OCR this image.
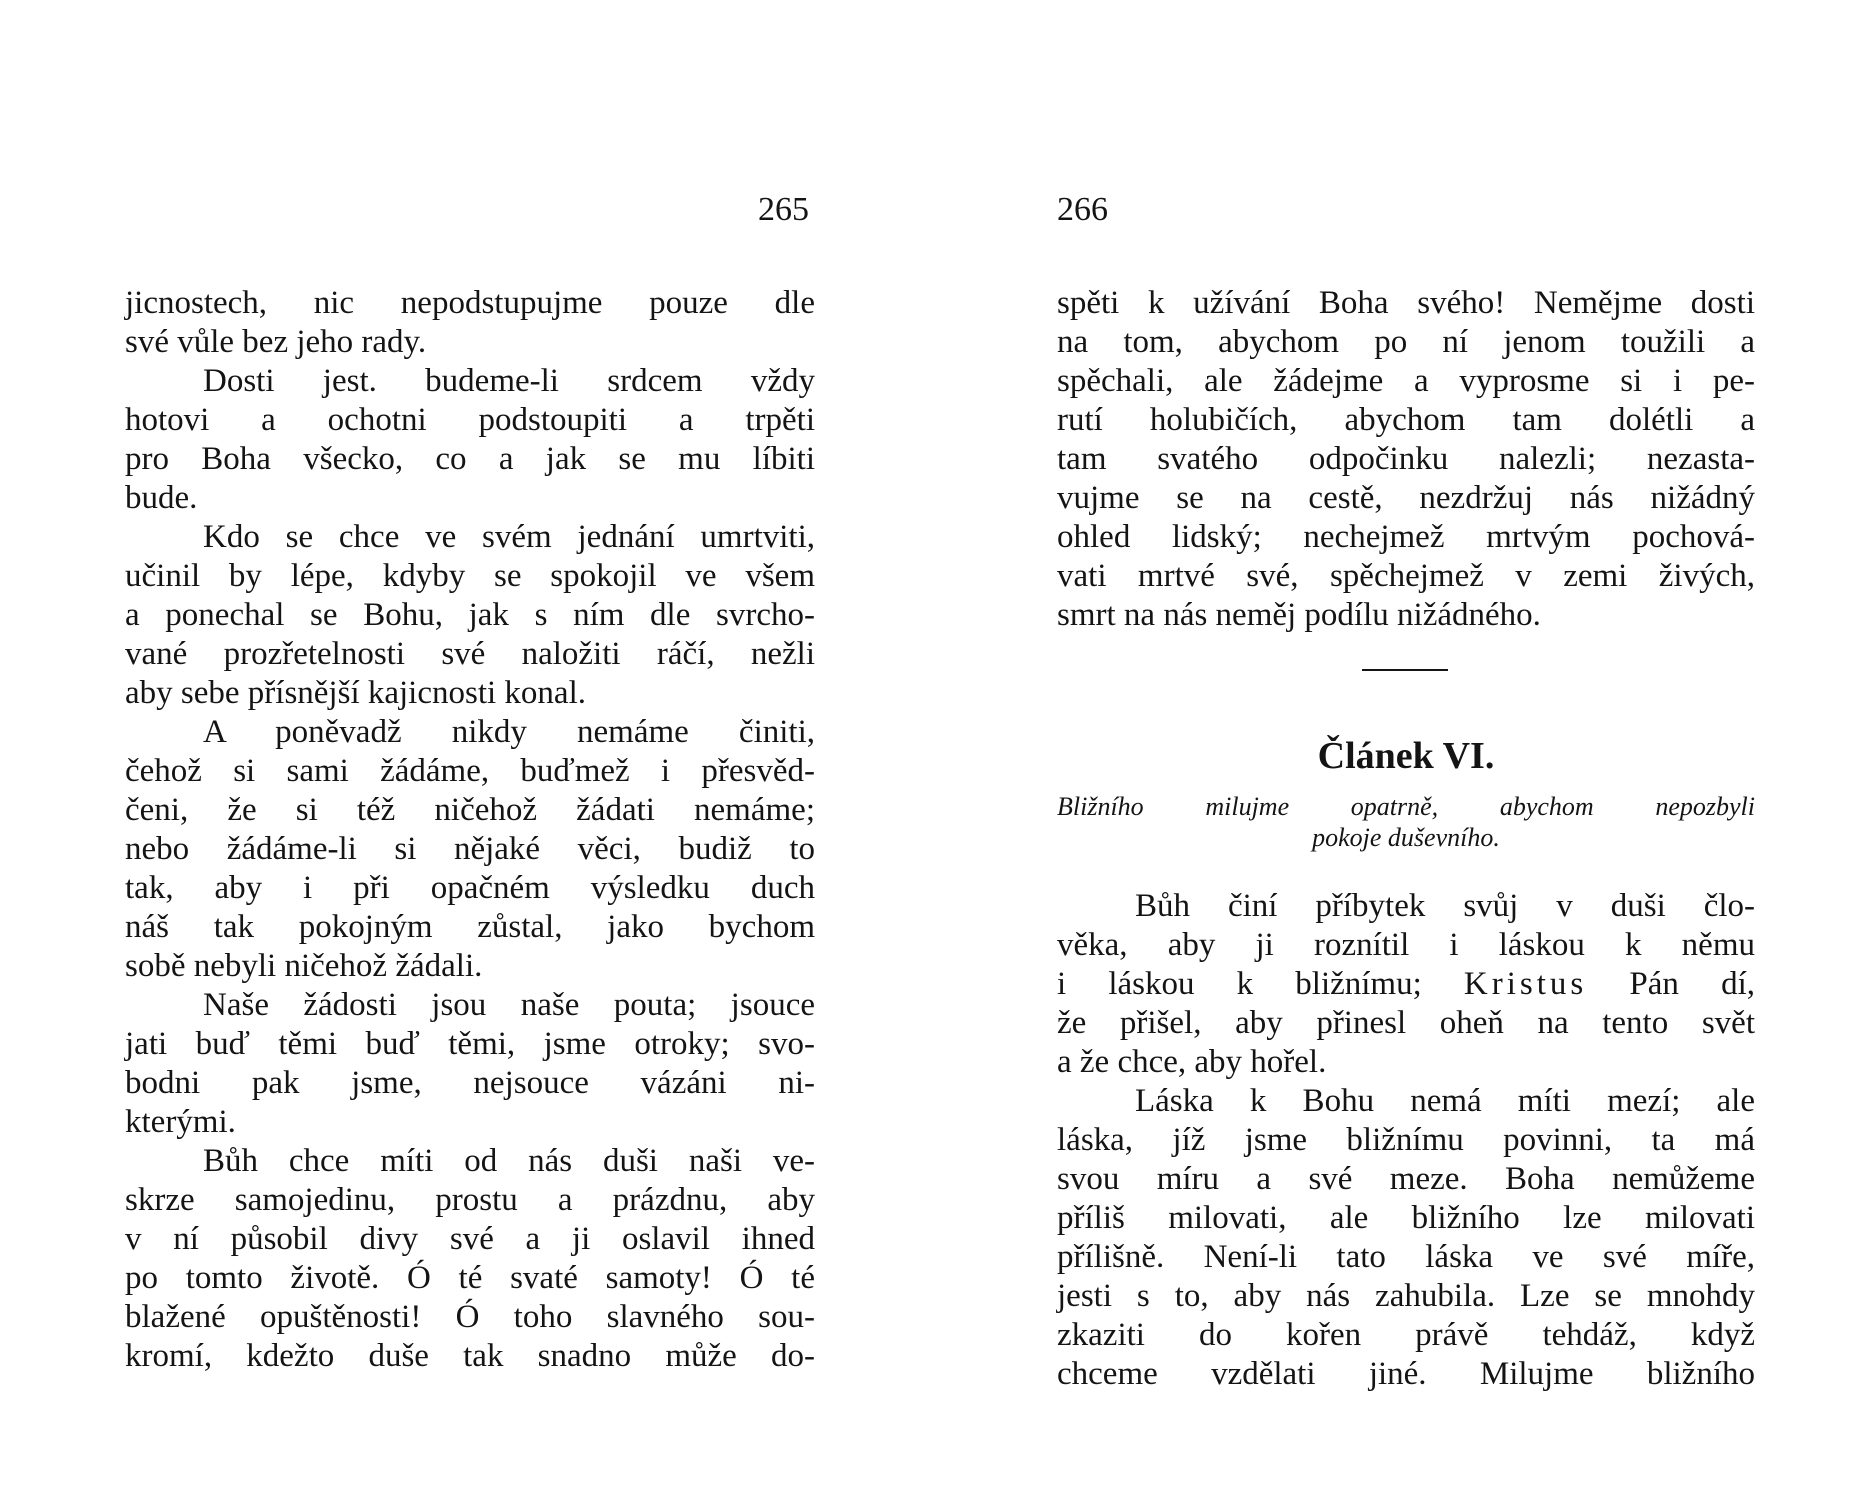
265	266
jicnostech, nic nepodstupujme pouze dle
své vůle bez jeho rady.
Dosti jest. budeme-li srdcem vždy
hotovi a ochotni podstoupiti a trpěti
pro Boha všecko, co a jak se mu líbiti
bude.
Kdo se chce ve svém jednání umrtviti,
učinil by lépe, kdyby se spokojil ve všem
a ponechal se Bohu, jak s ním dle svrcho-
vané prozřetelnosti své naložiti ráčí, nežli
aby sebe přísnější kajicnosti konal.
A poněvadž nikdy nemáme činiti,
čehož si sami žádáme, buďmež i přesvěd-
čeni, že si též ničehož žádati nemáme;
nebo žádáme-li si nějaké věci, budiž to
tak, aby i při opačném výsledku duch
náš tak pokojným zůstal, jako bychom
sobě nebyli ničehož žádali.
Naše žádosti jsou naše pouta; jsouce
jati buď těmi buď těmi, jsme otroky; svo-
bodni pak jsme, nejsouce vázáni ni-
kterými.
Bůh chce míti od nás duši naši ve-
skrze samojedinu, prostu a prázdnu, aby
v ní působil divy své a ji oslavil ihned
po tomto životě. Ó té svaté samoty! Ó té
blažené opuštěnosti! Ó toho slavného sou-
kromí, kdežto duše tak snadno může do-
spěti k užívání Boha svého! Nemějme dosti
na tom, abychom po ní jenom toužili a
spěchali, ale žádejme a vyprosme si i pe-
rutí holubičích, abychom tam dolétli a
tam svatého odpočinku nalezli; nezasta-
vujme se na cestě, nezdržuj nás nižádný
ohled lidský; nechejmež mrtvým pochová-
vati mrtvé své, spěchejmež v zemi živých,
smrt na nás neměj podílu nižádného.
Článek VI.
Bližního milujme opatrně, abychom nepozbyli
pokoje duševního.
Bůh činí příbytek svůj v duši člo-
věka, aby ji roznítil i láskou k němu
i láskou k bližnímu; Kristus Pán dí,
že přišel, aby přinesl oheň na tento svět
a že chce, aby hořel.
Láska k Bohu nemá míti mezí; ale
láska, jíž jsme bližnímu povinni, ta má
svou míru a své meze. Boha nemůžeme
příliš milovati, ale bližního lze milovati
přílišně. Není-li tato láska ve své míře,
jesti s to, aby nás zahubila. Lze se mnohdy
zkaziti do kořen právě tehdáž, když
chceme vzdělati jiné. Milujme bližního
